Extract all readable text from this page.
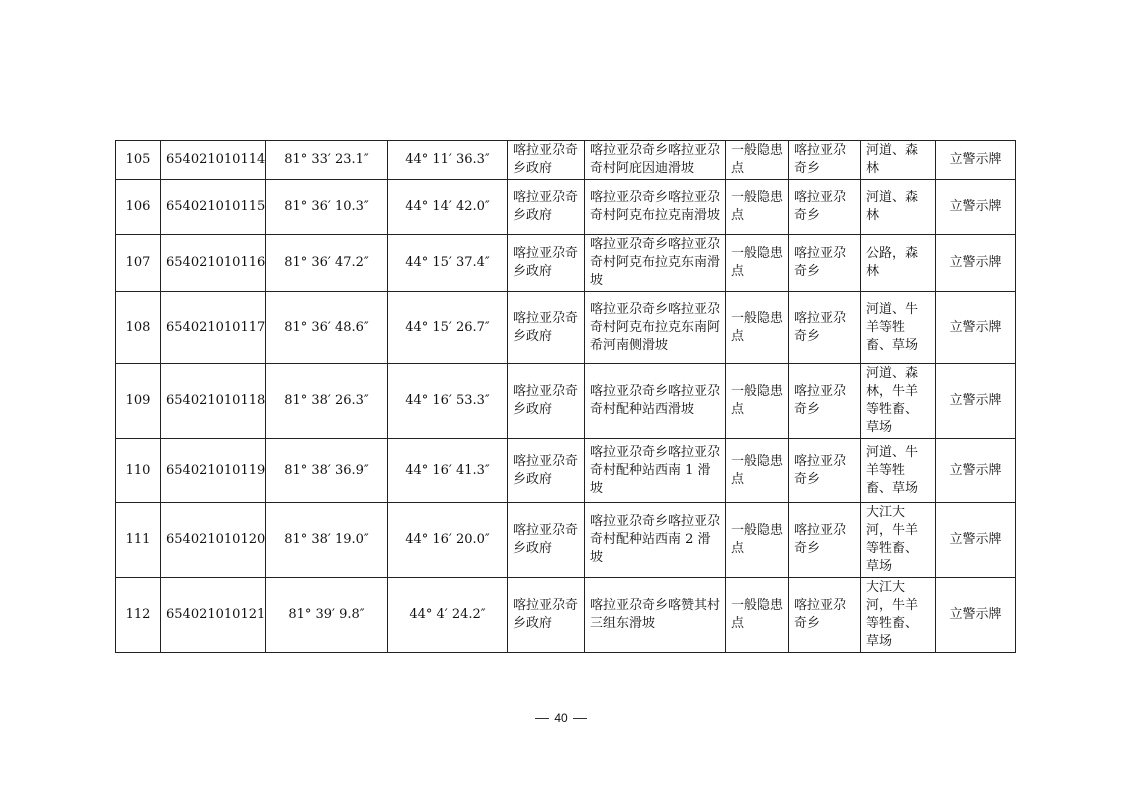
105	654021010114	81° 33′ 23.1″	44° 11′ 36.3″	喀拉亚尕奇乡政府	喀拉亚尕奇乡喀拉亚尕奇村阿庇因迪滑坡	一般隐患点	喀拉亚尕奇乡	河道、森林	立警示牌
106	654021010115	81° 36′ 10.3″	44° 14′ 42.0″	喀拉亚尕奇乡政府	喀拉亚尕奇乡喀拉亚尕奇村阿克布拉克南滑坡	一般隐患点	喀拉亚尕奇乡	河道、森林	立警示牌
107	654021010116	81° 36′ 47.2″	44° 15′ 37.4″	喀拉亚尕奇乡政府	喀拉亚尕奇乡喀拉亚尕奇村阿克布拉克东南滑坡	一般隐患点	喀拉亚尕奇乡	公路，森林	立警示牌
108	654021010117	81° 36′ 48.6″	44° 15′ 26.7″	喀拉亚尕奇乡政府	喀拉亚尕奇乡喀拉亚尕奇村阿克布拉克东南阿希河南侧滑坡	一般隐患点	喀拉亚尕奇乡	河道、牛羊等牲畜、草场	立警示牌
109	654021010118	81° 38′ 26.3″	44° 16′ 53.3″	喀拉亚尕奇乡政府	喀拉亚尕奇乡喀拉亚尕奇村配种站西滑坡	一般隐患点	喀拉亚尕奇乡	河道、森林，牛羊等牲畜、草场	立警示牌
110	654021010119	81° 38′ 36.9″	44° 16′ 41.3″	喀拉亚尕奇乡政府	喀拉亚尕奇乡喀拉亚尕奇村配种站西南 1 滑坡	一般隐患点	喀拉亚尕奇乡	河道、牛羊等牲畜、草场	立警示牌
111	654021010120	81° 38′ 19.0″	44° 16′ 20.0″	喀拉亚尕奇乡政府	喀拉亚尕奇乡喀拉亚尕奇村配种站西南 2 滑坡	一般隐患点	喀拉亚尕奇乡	大江大河，牛羊等牲畜、草场	立警示牌
112	654021010121	81° 39′ 9.8″	44° 4′ 24.2″	喀拉亚尕奇乡政府	喀拉亚尕奇乡喀赞其村三组东滑坡	一般隐患点	喀拉亚尕奇乡	大江大河，牛羊等牲畜、草场	立警示牌
40
